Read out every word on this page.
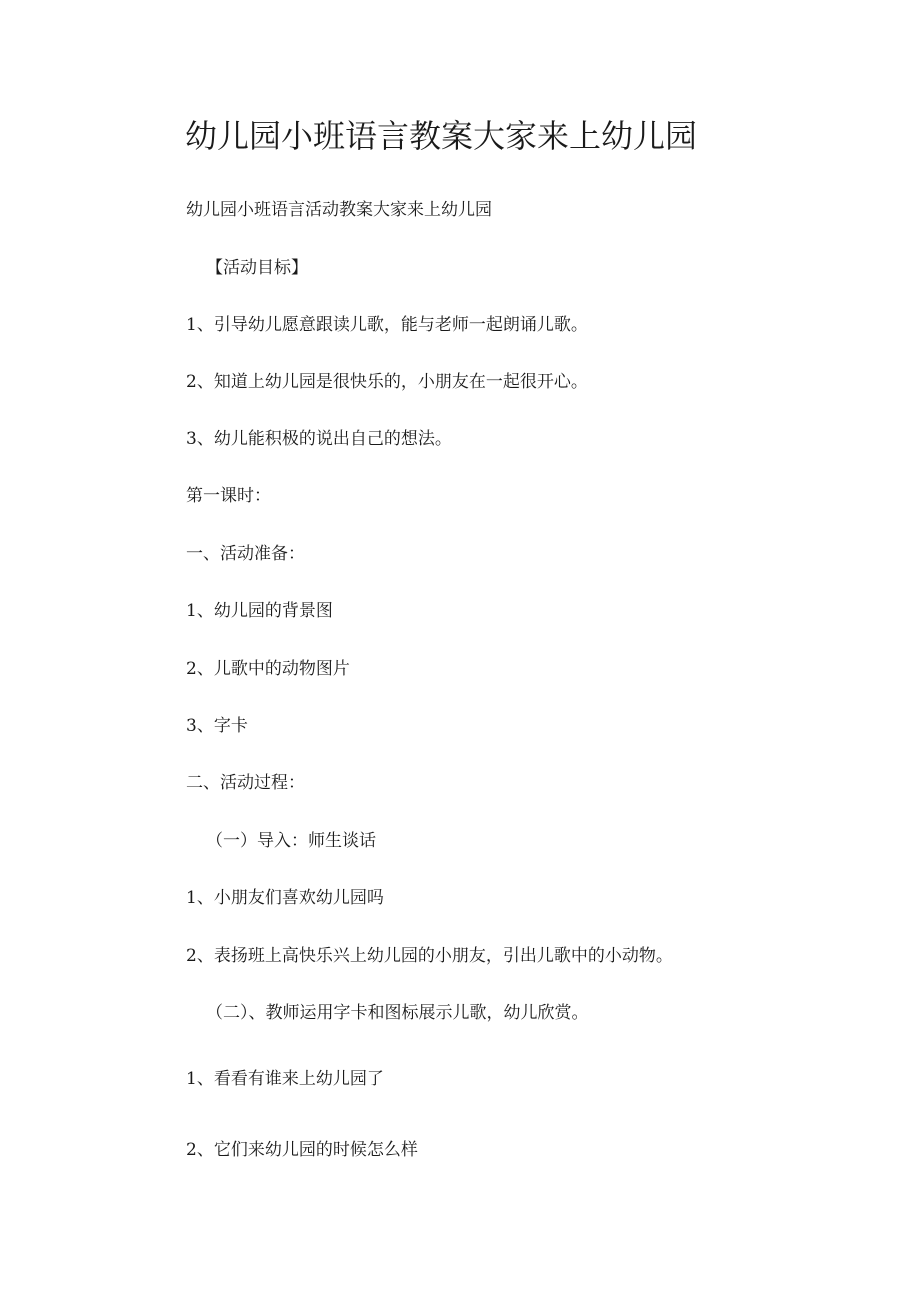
幼儿园小班语言教案大家来上幼儿园

幼儿园小班语言活动教案大家来上幼儿园

【活动目标】

1、引导幼儿愿意跟读儿歌，能与老师一起朗诵儿歌。

2、知道上幼儿园是很快乐的，小朋友在一起很开心。

3、幼儿能积极的说出自己的想法。

第一课时：

一、活动准备：

1、幼儿园的背景图

2、儿歌中的动物图片

3、字卡

二、活动过程：

（一）导入：师生谈话

1、小朋友们喜欢幼儿园吗

2、表扬班上高快乐兴上幼儿园的小朋友，引出儿歌中的小动物。

（二）、教师运用字卡和图标展示儿歌，幼儿欣赏。

1、看看有谁来上幼儿园了

2、它们来幼儿园的时候怎么样
